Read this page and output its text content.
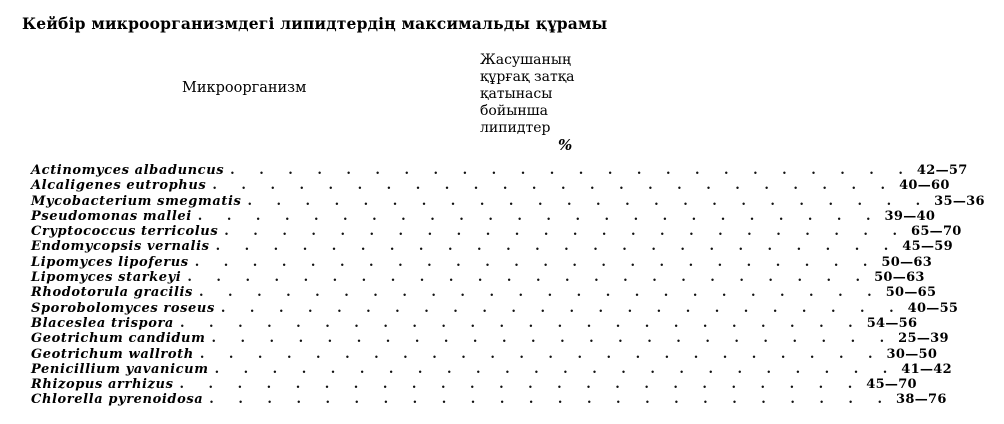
Кейбір микроорганизмдегі липидтердің максимальды құрамы
Микроорганизм
Жасушаның
құрғақ затқа
қатынасы
бойынша
липидтер
%
Actinomyces albaduncus . . . . . . . . . . . . . . . . . . . . . . . . 42—57
Alcaligenes eutrophus . . . . . . . . . . . . . . . . . . . . . . . . 40—60
Mycobacterium smegmatis . . . . . . . . . . . . . . . . . . . . . . . . 35—36
Pseudomonas mallei . . . . . . . . . . . . . . . . . . . . . . . . 39—40
Cryptococcus terricolus . . . . . . . . . . . . . . . . . . . . . . . . 65—70
Endomycopsis vernalis . . . . . . . . . . . . . . . . . . . . . . . . 45—59
Lipomyces lipoferus . . . . . . . . . . . . . . . . . . . . . . . . 50—63
Lipomyces starkeyi . . . . . . . . . . . . . . . . . . . . . . . . 50—63
Rhodotorula gracilis . . . . . . . . . . . . . . . . . . . . . . . . 50—65
Sporobolomyces roseus . . . . . . . . . . . . . . . . . . . . . . . . 40—55
Blacеslea trispora . . . . . . . . . . . . . . . . . . . . . . . . 54—56
Geotrichum candidum . . . . . . . . . . . . . . . . . . . . . . . . 25—39
Geotrichum wallroth . . . . . . . . . . . . . . . . . . . . . . . . 30—50
Penicillium yavanicum . . . . . . . . . . . . . . . . . . . . . . . . 41—42
Rhizopus arrhizus . . . . . . . . . . . . . . . . . . . . . . . . 45—70
Chlorella pyrenoidosa . . . . . . . . . . . . . . . . . . . . . . . . 38—76
